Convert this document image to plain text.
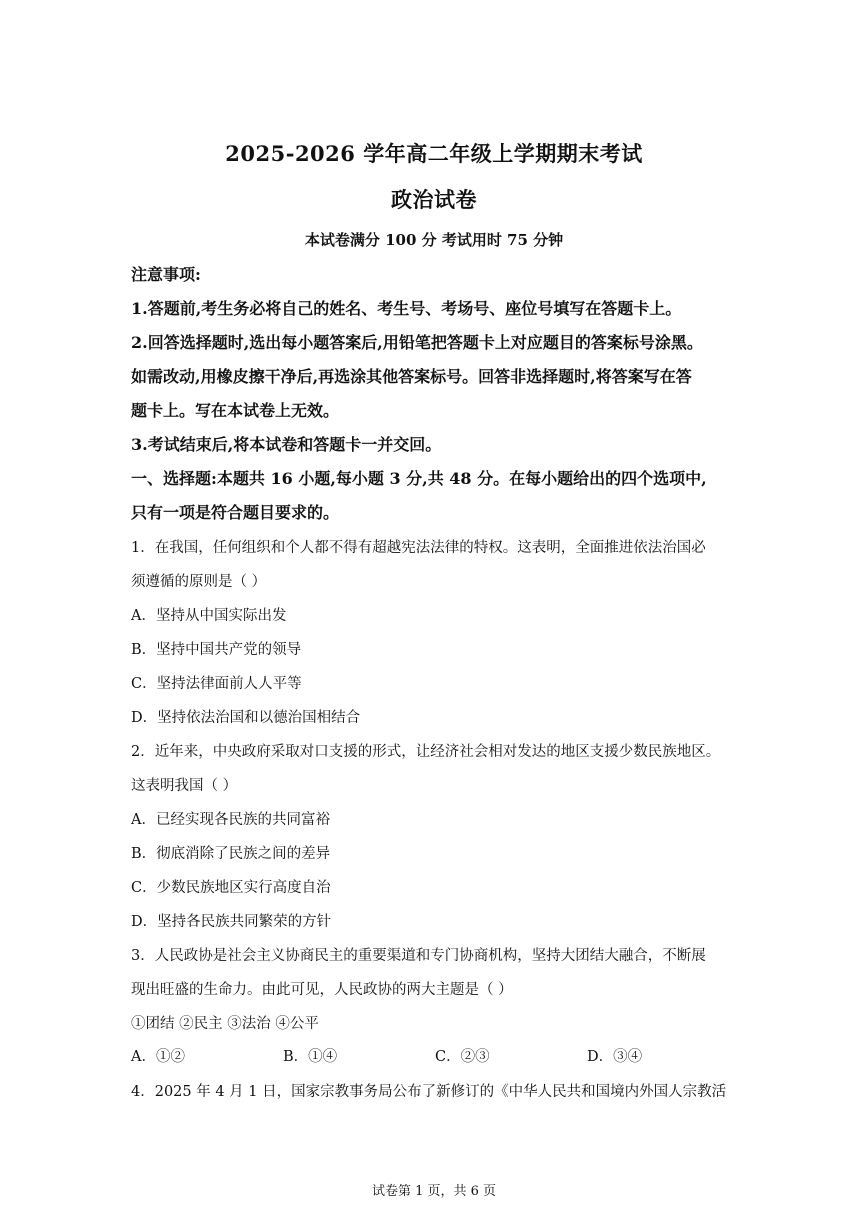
2025-2026 学年高二年级上学期期末考试
政治试卷
本试卷满分 100 分 考试用时 75 分钟
注意事项:
1.答题前,考生务必将自己的姓名、考生号、考场号、座位号填写在答题卡上。
2.回答选择题时,选出每小题答案后,用铅笔把答题卡上对应题目的答案标号涂黑。
如需改动,用橡皮擦干净后,再选涂其他答案标号。回答非选择题时,将答案写在答
题卡上。写在本试卷上无效。
3.考试结束后,将本试卷和答题卡一并交回。
一、选择题:本题共 16 小题,每小题 3 分,共 48 分。在每小题给出的四个选项中,
只有一项是符合题目要求的。
1．在我国，任何组织和个人都不得有超越宪法法律的特权。这表明，全面推进依法治国必
须遵循的原则是（ ）
A．坚持从中国实际出发
B．坚持中国共产党的领导
C．坚持法律面前人人平等
D．坚持依法治国和以德治国相结合
2．近年来，中央政府采取对口支援的形式，让经济社会相对发达的地区支援少数民族地区。
这表明我国（ ）
A．已经实现各民族的共同富裕
B．彻底消除了民族之间的差异
C．少数民族地区实行高度自治
D．坚持各民族共同繁荣的方针
3．人民政协是社会主义协商民主的重要渠道和专门协商机构，坚持大团结大融合，不断展
现出旺盛的生命力。由此可见，人民政协的两大主题是（ ）
①团结 ②民主 ③法治 ④公平
A．①②	B．①④	C．②③	D．③④
4．2025 年 4 月 1 日，国家宗教事务局公布了新修订的《中华人民共和国境内外国人宗教活
试卷第 1 页，共 6 页
